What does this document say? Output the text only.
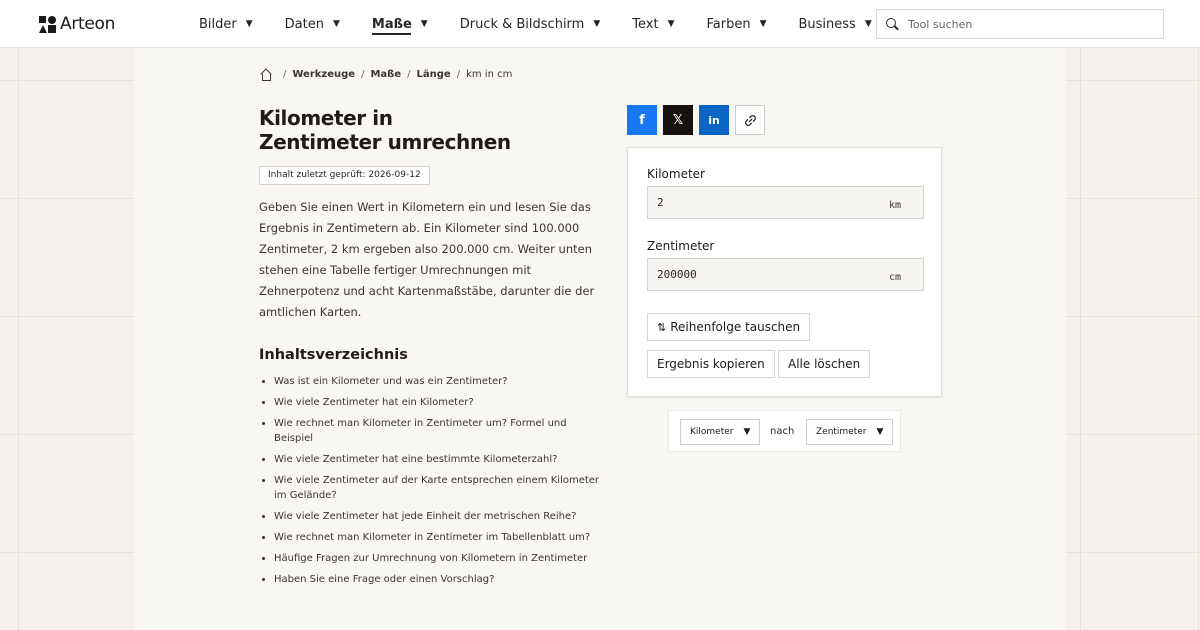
Arteon	Bilder ▼ Daten ▼ Maße ▼ Druck & Bildschirm ▼ Text ▼ Farben ▼ Business ▼
Tool suchen
/ Werkzeuge / Maße / Länge / km in cm
Kilometer in
Zentimeter umrechnen
Inhalt zuletzt geprüft: 2026-09-12

Geben Sie einen Wert in Kilometern ein und lesen Sie das Ergebnis in Zentimetern ab. Ein Kilometer sind 100.000 Zentimeter, 2 km ergeben also 200.000 cm. Weiter unten stehen eine Tabelle fertiger Umrechnungen mit Zehnerpotenz und acht Kartenmaßstäbe, darunter die der amtlichen Karten.

Inhaltsverzeichnis
Was ist ein Kilometer und was ein Zentimeter?
Wie viele Zentimeter hat ein Kilometer?
Wie rechnet man Kilometer in Zentimeter um? Formel und Beispiel
Wie viele Zentimeter hat eine bestimmte Kilometerzahl?
Wie viele Zentimeter auf der Karte entsprechen einem Kilometer im Gelände?
Wie viele Zentimeter hat jede Einheit der metrischen Reihe?
Wie rechnet man Kilometer in Zentimeter im Tabellenblatt um?
Häufige Fragen zur Umrechnung von Kilometern in Zentimeter
Haben Sie eine Frage oder einen Vorschlag?
f 𝕏 in
Kilometer
2
km
Zentimeter
200000
cm
⇅ Reihenfolge tauschen
Ergebnis kopieren Alle löschen
Kilometer ▼ nach Zentimeter ▼
